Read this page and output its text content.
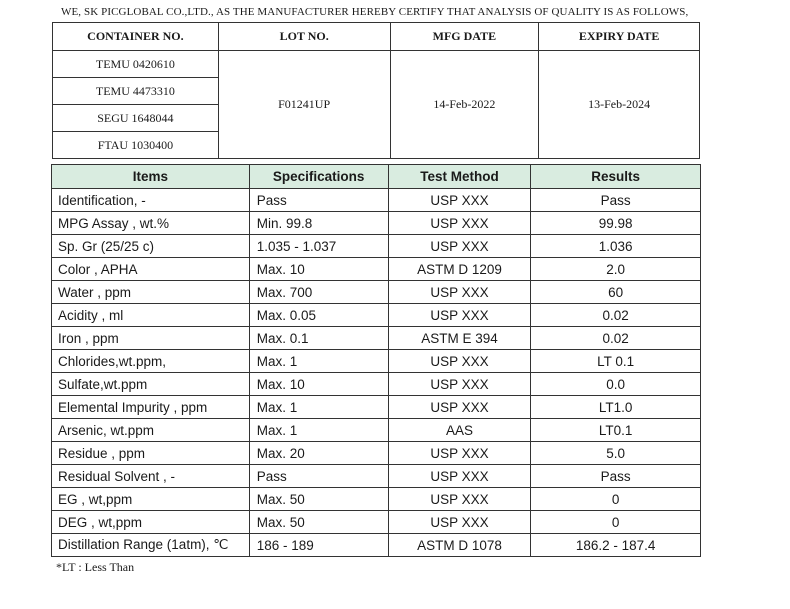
WE, SK PICGLOBAL CO.,LTD., AS THE MANUFACTURER HEREBY CERTIFY THAT ANALYSIS OF QUALITY IS AS FOLLOWS,
CONTAINER NO.	LOT NO.	MFG DATE	EXPIRY DATE
TEMU 0420610	F01241UP	14-Feb-2022	13-Feb-2024
TEMU 4473310			
SEGU 1648044			
FTAU 1030400			
Items	Specifications	Test Method	Results
Identification, -	Pass	USP XXX	Pass
MPG Assay , wt.%	Min. 99.8	USP XXX	99.98
Sp. Gr (25/25 c)	1.035 - 1.037	USP XXX	1.036
Color , APHA	Max. 10	ASTM D 1209	2.0
Water , ppm	Max. 700	USP XXX	60
Acidity , ml	Max. 0.05	USP XXX	0.02
Iron , ppm	Max. 0.1	ASTM E 394	0.02
Chlorides,wt.ppm,	Max. 1	USP XXX	LT 0.1
Sulfate,wt.ppm	Max. 10	USP XXX	0.0
Elemental Impurity , ppm	Max. 1	USP XXX	LT1.0
Arsenic, wt.ppm	Max. 1	AAS	LT0.1
Residue , ppm	Max. 20	USP XXX	5.0
Residual Solvent , -	Pass	USP XXX	Pass
EG , wt,ppm	Max. 50	USP XXX	0
DEG , wt,ppm	Max. 50	USP XXX	0
Distillation Range (1atm), ℃	186 - 189	ASTM D 1078	186.2 - 187.4
*LT : Less Than
